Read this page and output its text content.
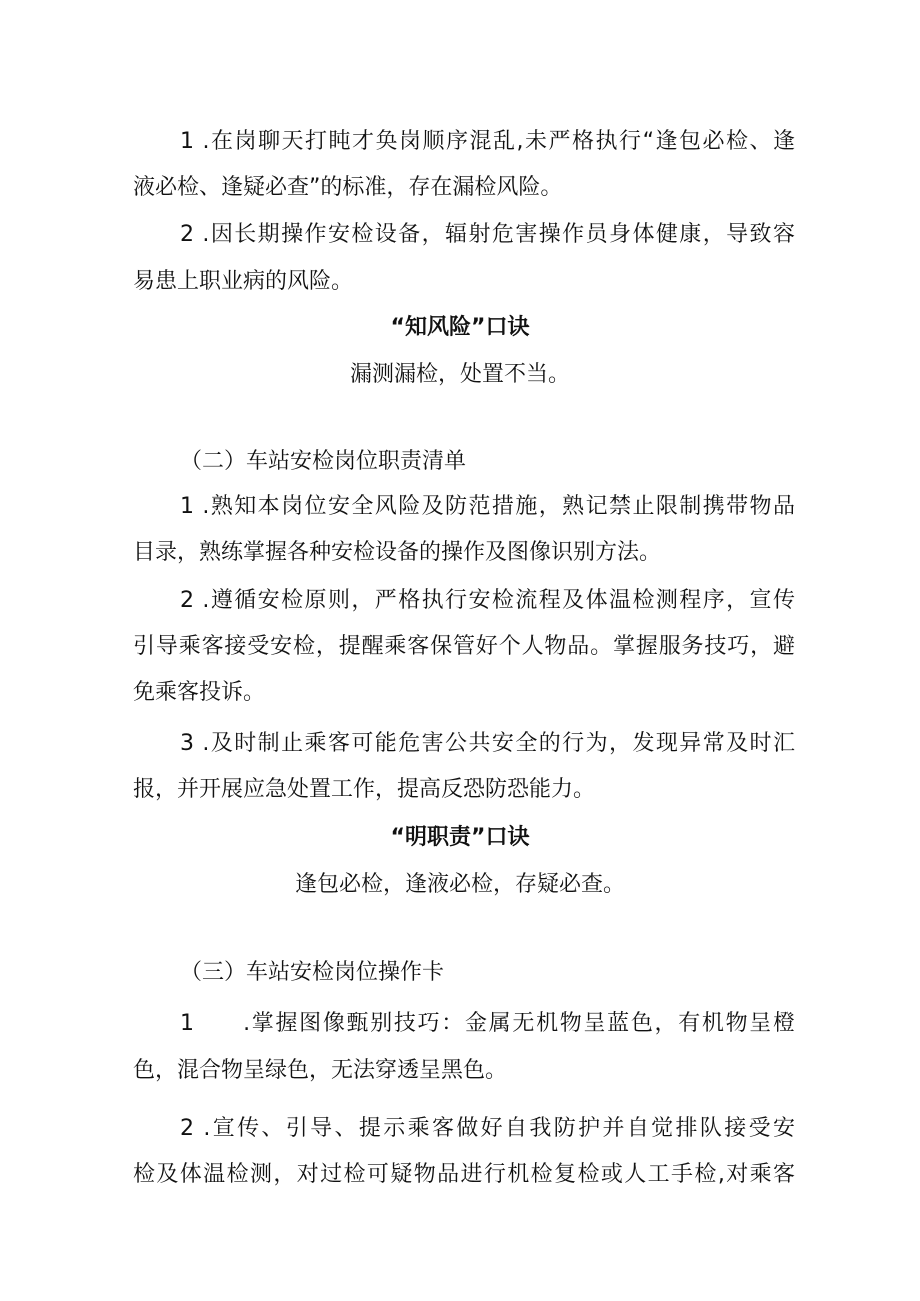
1 .在岗聊天打盹才奂岗顺序混乱,未严格执行“逢包必检、逢
液必检、逢疑必查”的标准，存在漏检风险。
2 .因长期操作安检设备，辐射危害操作员身体健康，导致容
易患上职业病的风险。
“知风险”口诀
漏测漏检，处置不当。
（二）车站安检岗位职责清单
1 .熟知本岗位安全风险及防范措施，熟记禁止限制携带物品
目录，熟练掌握各种安检设备的操作及图像识别方法。
2 .遵循安检原则，严格执行安检流程及体温检测程序，宣传
引导乘客接受安检，提醒乘客保管好个人物品。掌握服务技巧，避
免乘客投诉。
3 .及时制止乘客可能危害公共安全的行为，发现异常及时汇
报，并开展应急处置工作，提高反恐防恐能力。
“明职责”口诀
逢包必检，逢液必检，存疑必查。
（三）车站安检岗位操作卡
1　　.掌握图像甄别技巧：金属无机物呈蓝色，有机物呈橙
色，混合物呈绿色，无法穿透呈黑色。
2 .宣传、引导、提示乘客做好自我防护并自觉排队接受安
检及体温检测，对过检可疑物品进行机检复检或人工手检,对乘客
